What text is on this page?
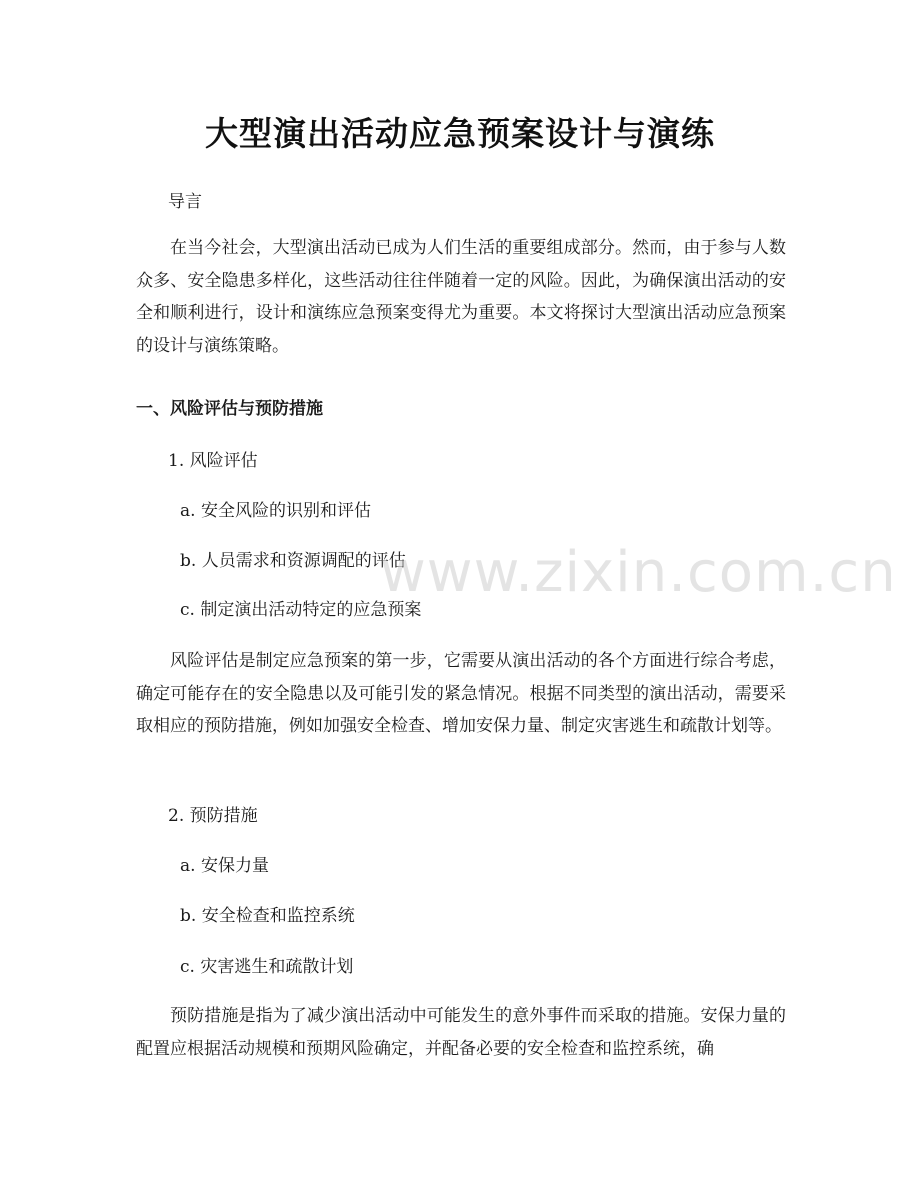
大型演出活动应急预案设计与演练
导言
在当今社会，大型演出活动已成为人们生活的重要组成部分。然而，由于参与人数众多、安全隐患多样化，这些活动往往伴随着一定的风险。因此，为确保演出活动的安全和顺利进行，设计和演练应急预案变得尤为重要。本文将探讨大型演出活动应急预案的设计与演练策略。
一、风险评估与预防措施
1. 风险评估
a. 安全风险的识别和评估
b. 人员需求和资源调配的评估
c. 制定演出活动特定的应急预案
风险评估是制定应急预案的第一步，它需要从演出活动的各个方面进行综合考虑，确定可能存在的安全隐患以及可能引发的紧急情况。根据不同类型的演出活动，需要采取相应的预防措施，例如加强安全检查、增加安保力量、制定灾害逃生和疏散计划等。
2. 预防措施
a. 安保力量
b. 安全检查和监控系统
c. 灾害逃生和疏散计划
预防措施是指为了减少演出活动中可能发生的意外事件而采取的措施。安保力量的配置应根据活动规模和预期风险确定，并配备必要的安全检查和监控系统，确
www.zixin.com.cn
